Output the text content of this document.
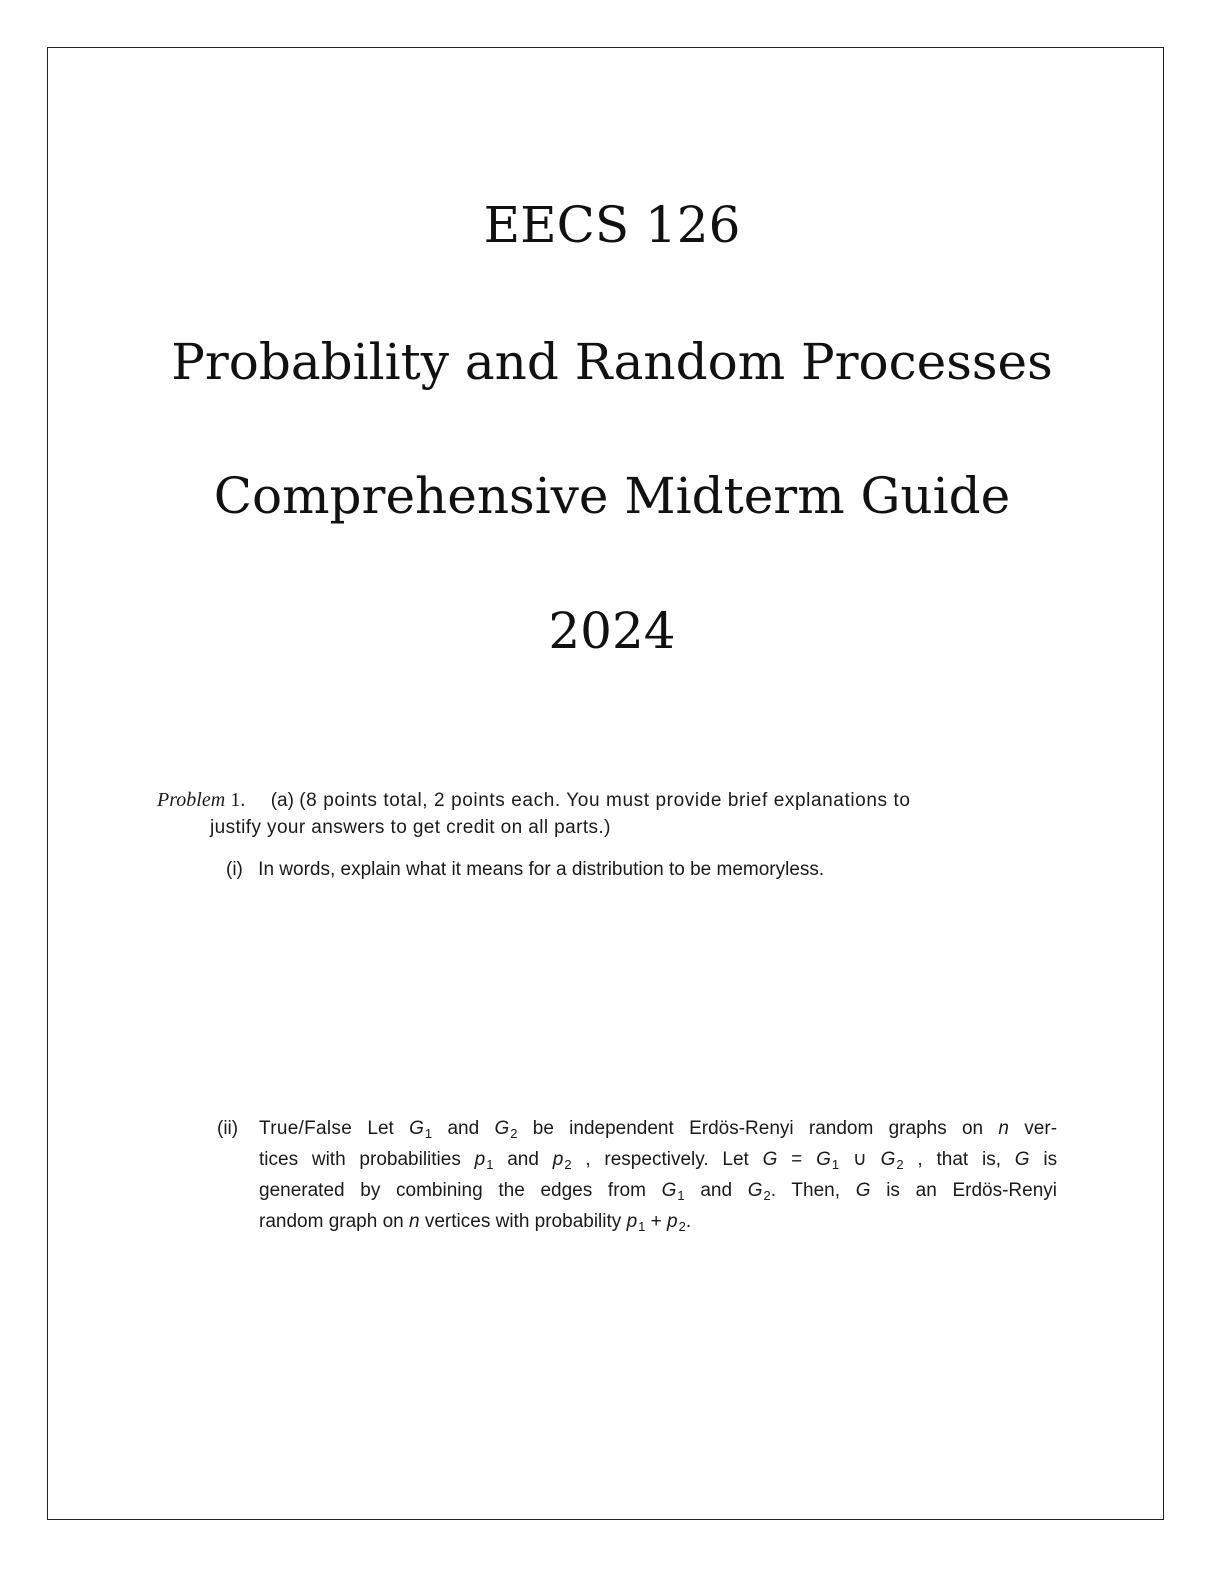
EECS 126
Probability and Random Processes
Comprehensive Midterm Guide
2024
Problem 1. (a) (8 points total, 2 points each. You must provide brief explanations to
justify your answers to get credit on all parts.)
(i) In words, explain what it means for a distribution to be memoryless.
(ii) True/False Let $G_1$ and $G_2$ be independent Erdös-Renyi random graphs on n ver-
tices with probabilities $p_1$ and $p_2$ , respectively. Let $G = G_1$ ∪ $G_2$ , that is, G is
generated by combining the edges from $G_1$ and $G_2$. Then, G is an Erdös-Renyi
random graph on n vertices with probability $p_1 + p_2$.
